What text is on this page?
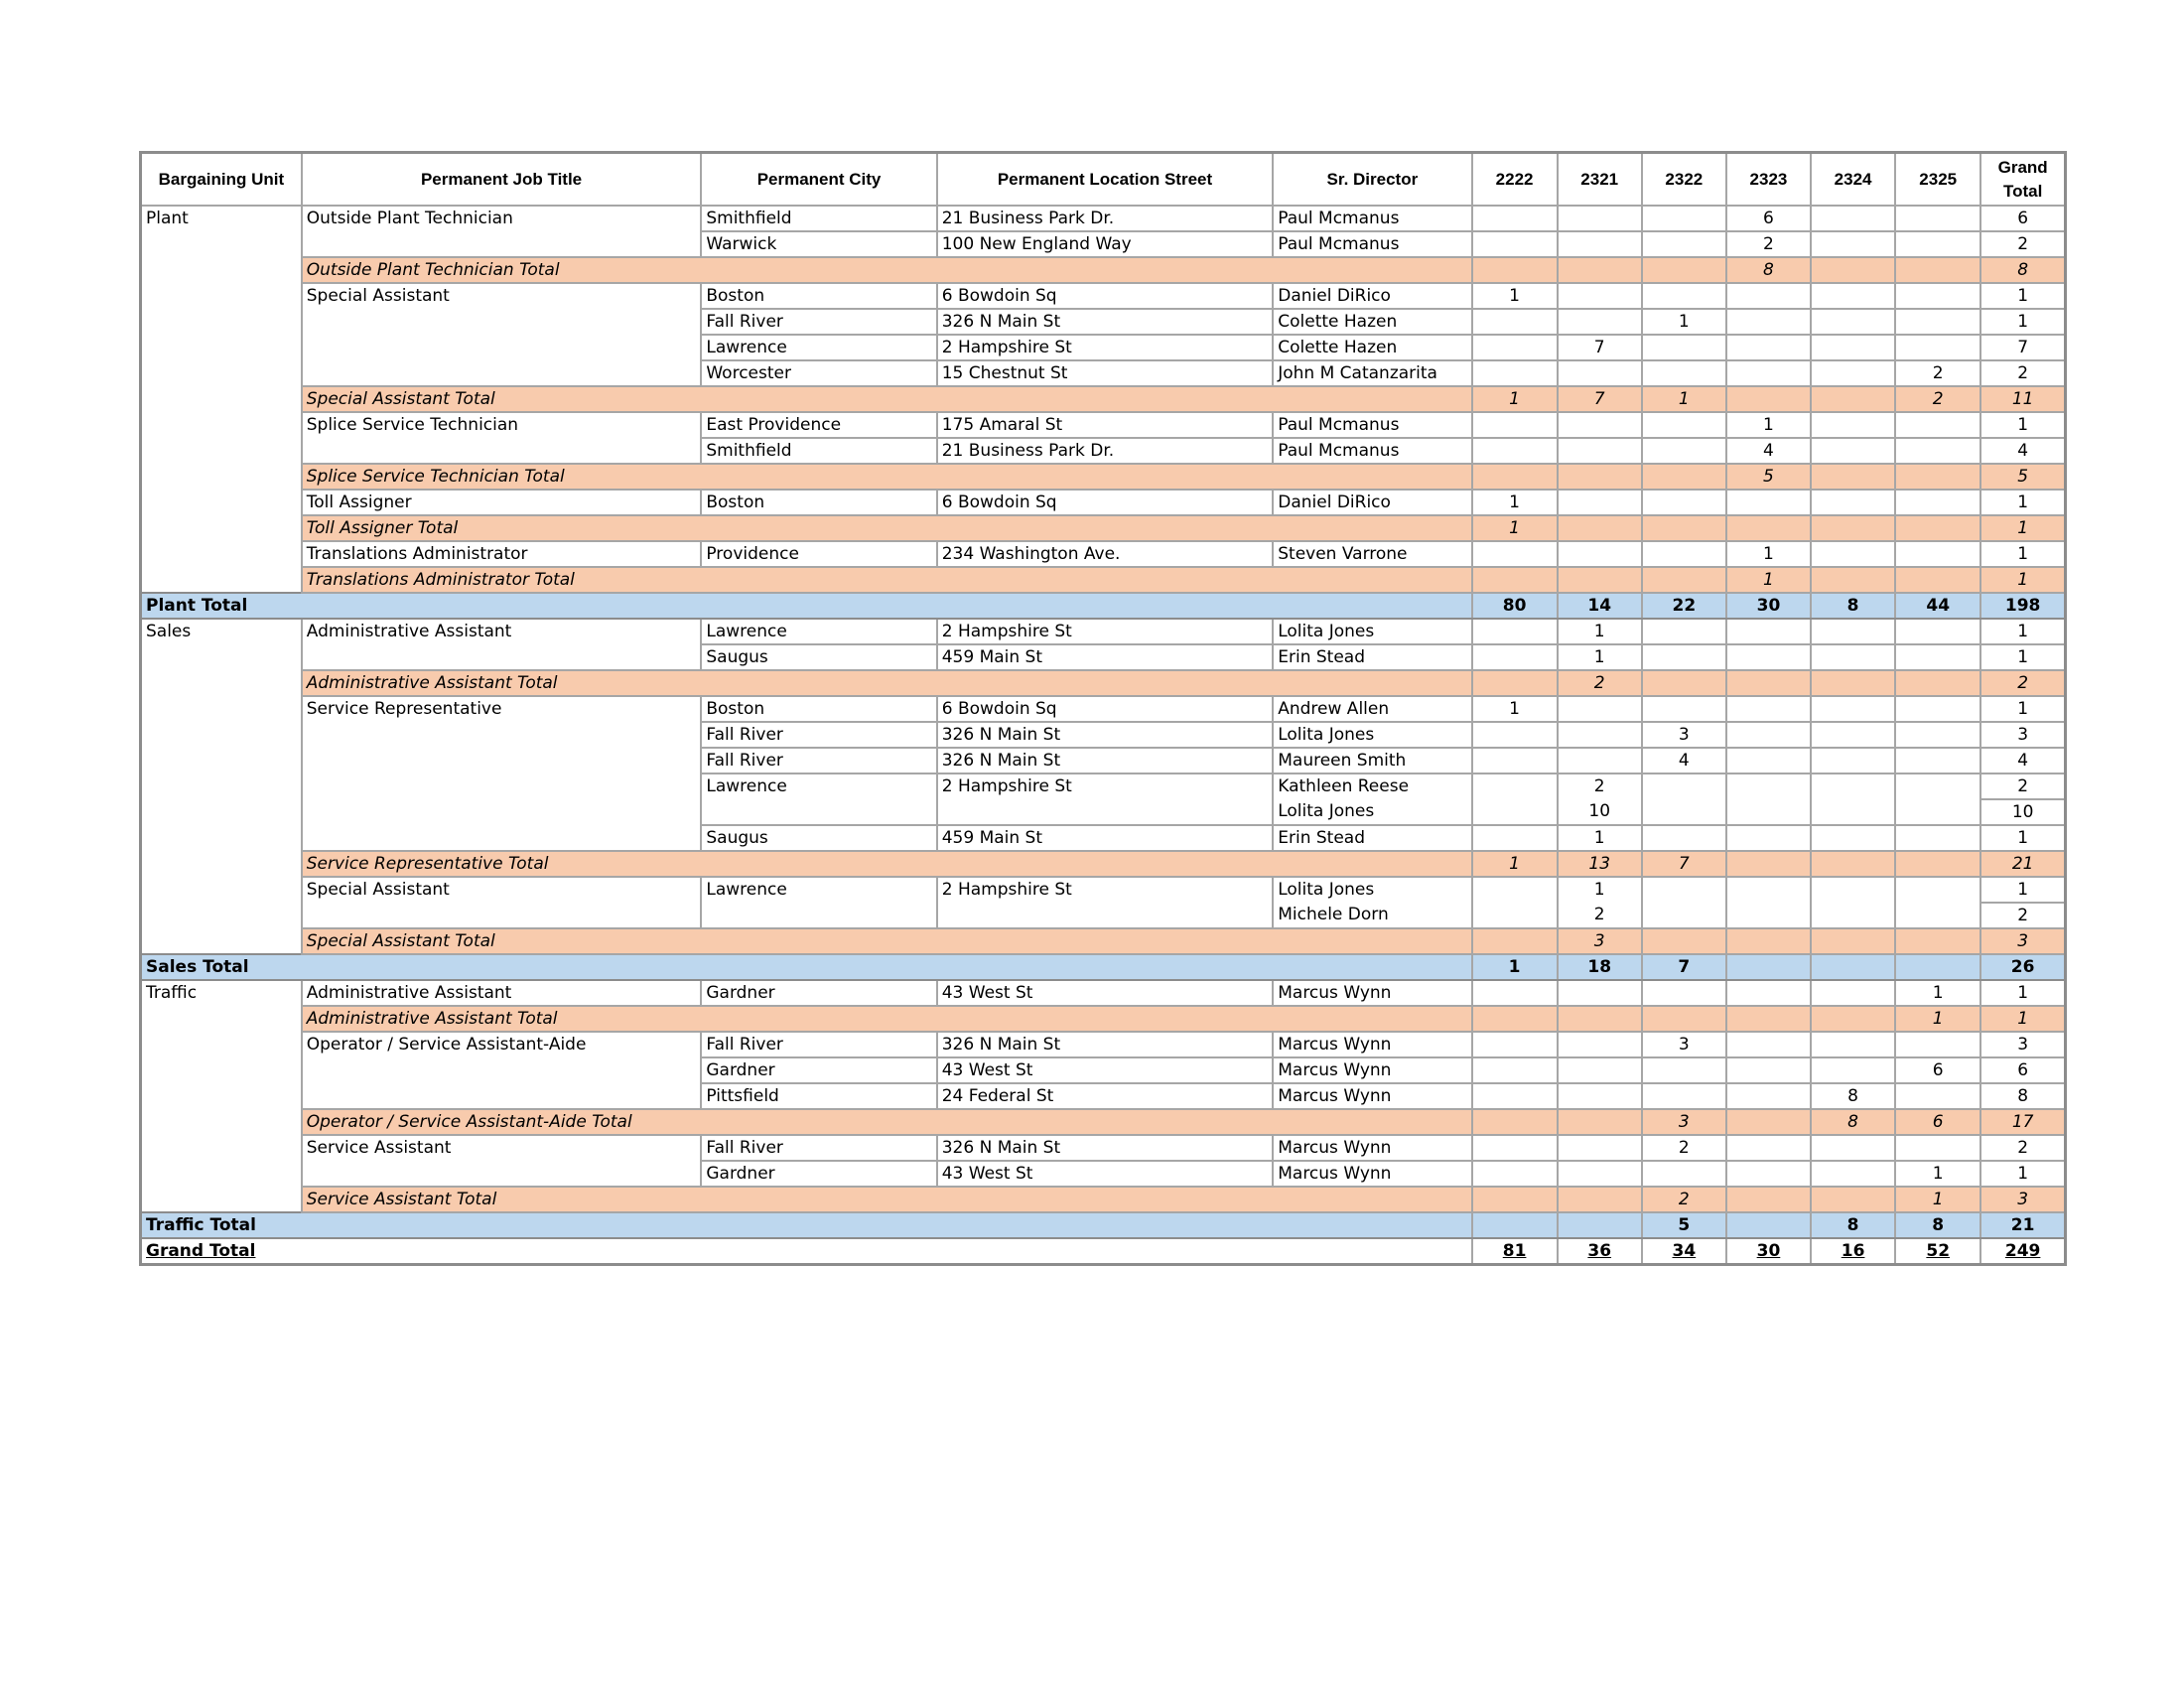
Bargaining Unit	Permanent Job Title	Permanent City	Permanent Location Street	Sr. Director	2222	2321	2322	2323	2324	2325	Grand Total
Plant	Outside Plant Technician	Smithfield	21 Business Park Dr.	Paul Mcmanus				6			6
		Warwick	100 New England Way	Paul Mcmanus				2			2
	Outside Plant Technician Total							8			8
	Special Assistant	Boston	6 Bowdoin Sq	Daniel DiRico	1						1
		Fall River	326 N Main St	Colette Hazen			1				1
		Lawrence	2 Hampshire St	Colette Hazen		7					7
		Worcester	15 Chestnut St	John M Catanzarita						2	2
	Special Assistant Total				1	7	1			2	11
	Splice Service Technician	East Providence	175 Amaral St	Paul Mcmanus				1			1
		Smithfield	21 Business Park Dr.	Paul Mcmanus				4			4
	Splice Service Technician Total							5			5
	Toll Assigner	Boston	6 Bowdoin Sq	Daniel DiRico	1						1
	Toll Assigner Total				1						1
	Translations Administrator	Providence	234 Washington Ave.	Steven Varrone				1			1
	Translations Administrator Total							1			1
Plant Total					80	14	22	30	8	44	198
Sales	Administrative Assistant	Lawrence	2 Hampshire St	Lolita Jones		1					1
		Saugus	459 Main St	Erin Stead		1					1
	Administrative Assistant Total					2					2
	Service Representative	Boston	6 Bowdoin Sq	Andrew Allen	1						1
		Fall River	326 N Main St	Lolita Jones			3				3
		Fall River	326 N Main St	Maureen Smith			4				4
		Lawrence	2 Hampshire St	Kathleen Reese		2					2
				Lolita Jones		10					10
		Saugus	459 Main St	Erin Stead		1					1
	Service Representative Total				1	13	7				21
	Special Assistant	Lawrence	2 Hampshire St	Lolita Jones		1					1
				Michele Dorn		2					2
	Special Assistant Total					3					3
Sales Total					1	18	7				26
Traffic	Administrative Assistant	Gardner	43 West St	Marcus Wynn						1	1
	Administrative Assistant Total									1	1
	Operator / Service Assistant-Aide	Fall River	326 N Main St	Marcus Wynn			3				3
		Gardner	43 West St	Marcus Wynn						6	6
		Pittsfield	24 Federal St	Marcus Wynn					8		8
	Operator / Service Assistant-Aide Total						3		8	6	17
	Service Assistant	Fall River	326 N Main St	Marcus Wynn			2				2
		Gardner	43 West St	Marcus Wynn						1	1
	Service Assistant Total						2			1	3
Traffic Total							5		8	8	21
Grand Total					81	36	34	30	16	52	249
